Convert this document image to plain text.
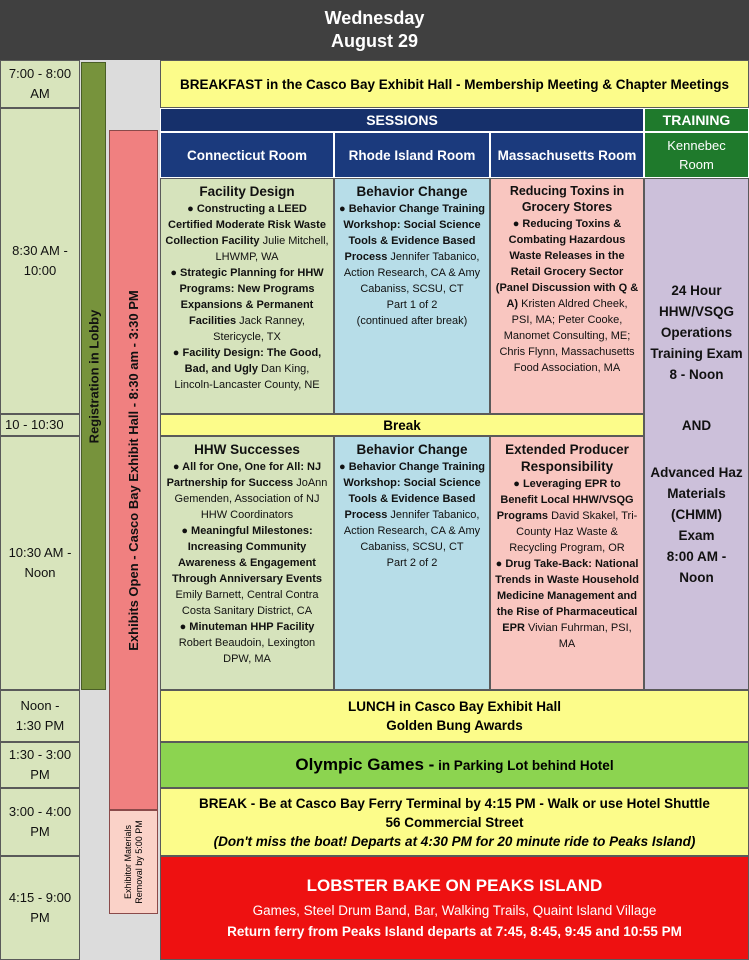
Wednesday
August 29
7:00 - 8:00 AM
8:30 AM - 10:00
10 - 10:30
10:30 AM - Noon
Noon - 1:30 PM
1:30 - 3:00 PM
3:00 - 4:00 PM
4:15 - 9:00 PM
Registration in Lobby Exhibits Open - Casco Bay Exhibit Hall - 8:30 am - 3:30 PM
Exhibitor Materials Removal by 5:00 PM
BREAKFAST in the Casco Bay Exhibit Hall - Membership Meeting & Chapter Meetings
SESSIONS	TRAINING
Connecticut Room	Rhode Island Room Massachusetts Room
Kennebec
Room
Facility Design

● Constructing a LEED Certified Moderate Risk Waste Collection Facility Julie Mitchell, LHWMP, WA

● Strategic Planning for HHW Programs: New Programs Expansions & Permanent Facilities Jack Ranney, Stericycle, TX

● Facility Design: The Good, Bad, and Ugly Dan King, Lincoln-Lancaster County, NE

Behavior Change

● Behavior Change Training Workshop: Social Science Tools & Evidence Based Process Jennifer Tabanico, Action Research, CA & Amy Cabaniss, SCSU, CT

Part 1 of 2

(continued after break)

Reducing Toxins in Grocery Stores

● Reducing Toxins & Combating Hazardous Waste Releases in the Retail Grocery Sector (Panel Discussion with Q & A) Kristen Aldred Cheek, PSI, MA; Peter Cooke, Manomet Consulting, ME; Chris Flynn, Massachusetts Food Association, MA

24 Hour
HHW/VSQG
Operations
Training Exam
8 - Noon
AND
Advanced Haz
Materials
(CHMM)
Exam
8:00 AM -
Noon
Break
HHW Successes

● All for One, One for All: NJ Partnership for Success JoAnn Gemenden, Association of NJ HHW Coordinators

● Meaningful Milestones: Increasing Community Awareness & Engagement Through Anniversary Events Emily Barnett, Central Contra Costa Sanitary District, CA

● Minuteman HHP Facility Robert Beaudoin, Lexington DPW, MA

Behavior Change

● Behavior Change Training Workshop: Social Science Tools & Evidence Based Process Jennifer Tabanico, Action Research, CA & Amy Cabaniss, SCSU, CT

Part 2 of 2

Extended Producer Responsibility

● Leveraging EPR to Benefit Local HHW/VSQG Programs David Skakel, Tri-County Haz Waste & Recycling Program, OR

● Drug Take-Back: National Trends in Waste Household Medicine Management and the Rise of Pharmaceutical EPR Vivian Fuhrman, PSI, MA

LUNCH in Casco Bay Exhibit Hall
Golden Bung Awards
Olympic Games - in Parking Lot behind Hotel
BREAK - Be at Casco Bay Ferry Terminal by 4:15 PM - Walk or use Hotel Shuttle
56 Commercial Street
(Don't miss the boat! Departs at 4:30 PM for 20 minute ride to Peaks Island)
LOBSTER BAKE ON PEAKS ISLAND
Games, Steel Drum Band, Bar, Walking Trails, Quaint Island Village
Return ferry from Peaks Island departs at 7:45, 8:45, 9:45 and 10:55 PM
